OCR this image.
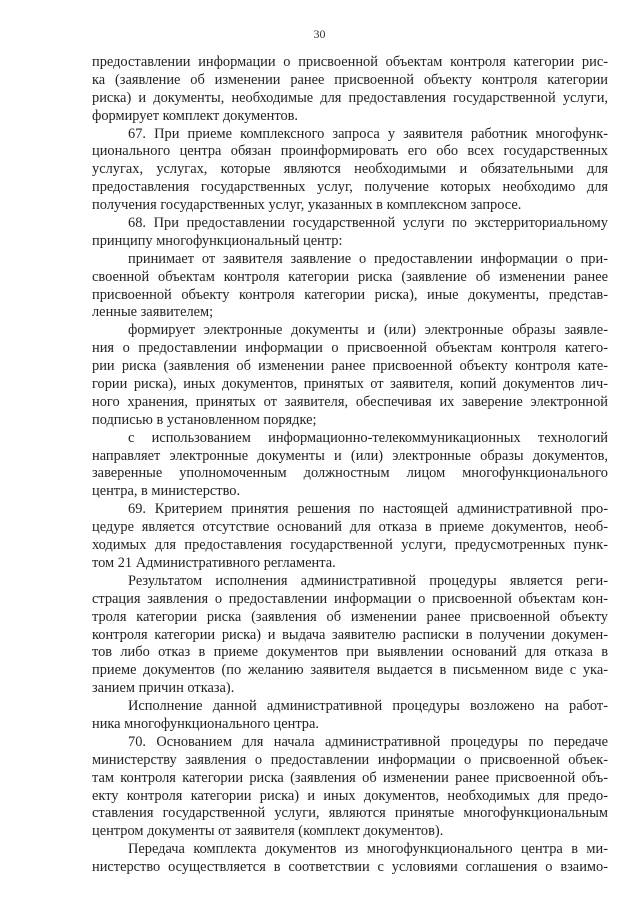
30
предоставлении информации о присвоенной объектам контроля категории рис-
ка (заявление об изменении ранее присвоенной объекту контроля категории
риска) и документы, необходимые для предоставления государственной услуги,
формирует комплект документов.
67. При приеме комплексного запроса у заявителя работник многофунк-
ционального центра обязан проинформировать его обо всех государственных
услугах, услугах, которые являются необходимыми и обязательными для
предоставления государственных услуг, получение которых необходимо для
получения государственных услуг, указанных в комплексном запросе.
68. При предоставлении государственной услуги по экстерриториальному
принципу многофункциональный центр:
принимает от заявителя заявление о предоставлении информации о при-
своенной объектам контроля категории риска (заявление об изменении ранее
присвоенной объекту контроля категории риска), иные документы, представ-
ленные заявителем;
формирует электронные документы и (или) электронные образы заявле-
ния о предоставлении информации о присвоенной объектам контроля катего-
рии риска (заявления об изменении ранее присвоенной объекту контроля кате-
гории риска), иных документов, принятых от заявителя, копий документов лич-
ного хранения, принятых от заявителя, обеспечивая их заверение электронной
подписью в установленном порядке;
с использованием информационно-телекоммуникационных технологий
направляет электронные документы и (или) электронные образы документов,
заверенные уполномоченным должностным лицом многофункционального
центра, в министерство.
69. Критерием принятия решения по настоящей административной про-
цедуре является отсутствие оснований для отказа в приеме документов, необ-
ходимых для предоставления государственной услуги, предусмотренных пунк-
том 21 Административного регламента.
Результатом исполнения административной процедуры является реги-
страция заявления о предоставлении информации о присвоенной объектам кон-
троля категории риска (заявления об изменении ранее присвоенной объекту
контроля категории риска) и выдача заявителю расписки в получении докумен-
тов либо отказ в приеме документов при выявлении оснований для отказа в
приеме документов (по желанию заявителя выдается в письменном виде с ука-
занием причин отказа).
Исполнение данной административной процедуры возложено на работ-
ника многофункционального центра.
70. Основанием для начала административной процедуры по передаче
министерству заявления о предоставлении информации о присвоенной объек-
там контроля категории риска (заявления об изменении ранее присвоенной объ-
екту контроля категории риска) и иных документов, необходимых для предо-
ставления государственной услуги, являются принятые многофункциональным
центром документы от заявителя (комплект документов).
Передача комплекта документов из многофункционального центра в ми-
нистерство осуществляется в соответствии с условиями соглашения о взаимо-
